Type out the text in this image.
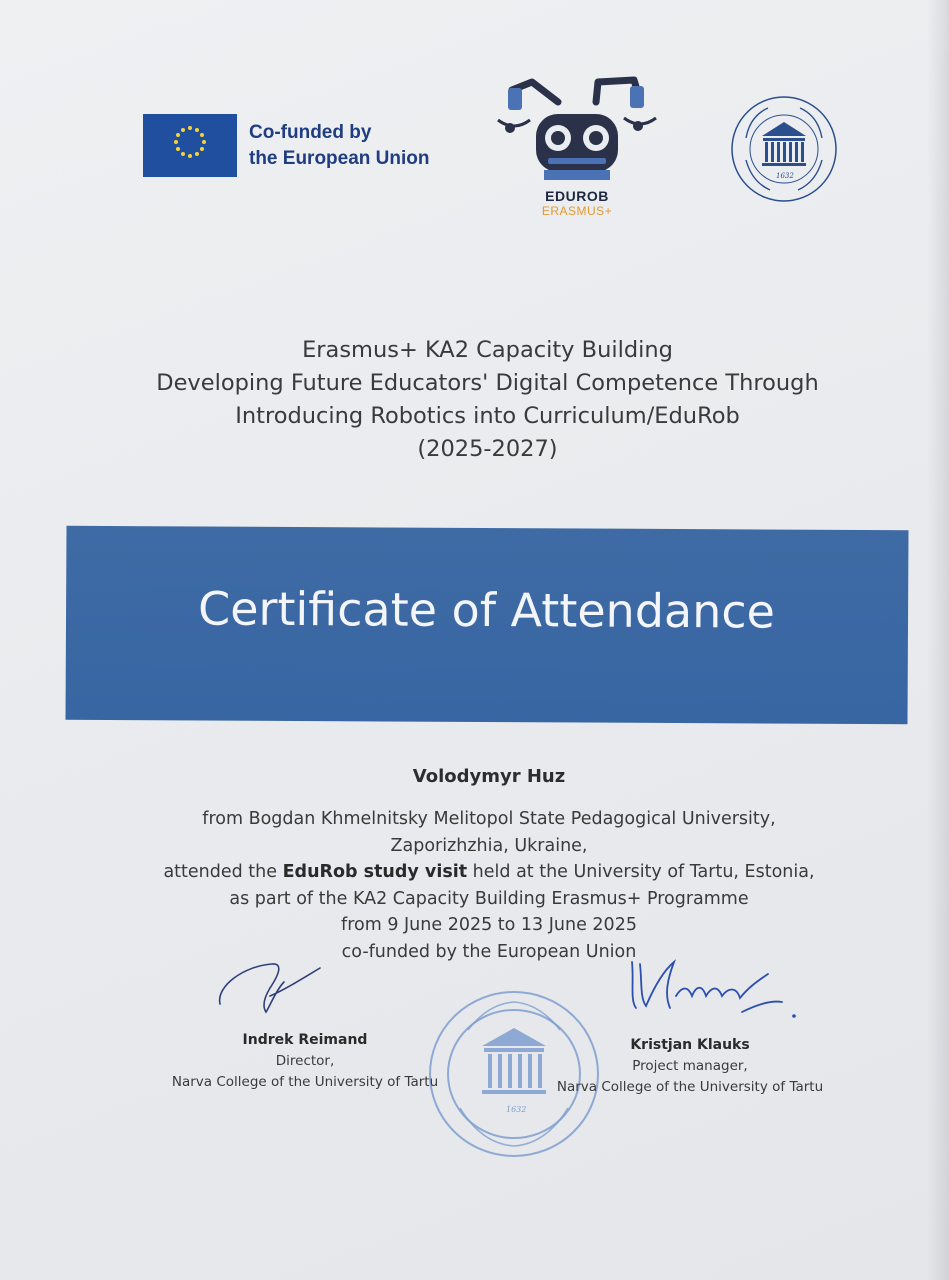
Co-funded by
the European Union
EDUROB
ERASMUS+
1632
Erasmus+ KA2 Capacity Building
Developing Future Educators' Digital Competence Through
Introducing Robotics into Curriculum/EduRob
(2025-2027)
Certificate of Attendance
Volodymyr Huz
from Bogdan Khmelnitsky Melitopol State Pedagogical University,
Zaporizhzhia, Ukraine,
attended the EduRob study visit held at the University of Tartu, Estonia,
as part of the KA2 Capacity Building Erasmus+ Programme
from 9 June 2025 to 13 June 2025
co-funded by the European Union
1632
Indrek Reimand
Director,
Narva College of the University of Tartu
Kristjan Klauks
Project manager,
Narva College of the University of Tartu
